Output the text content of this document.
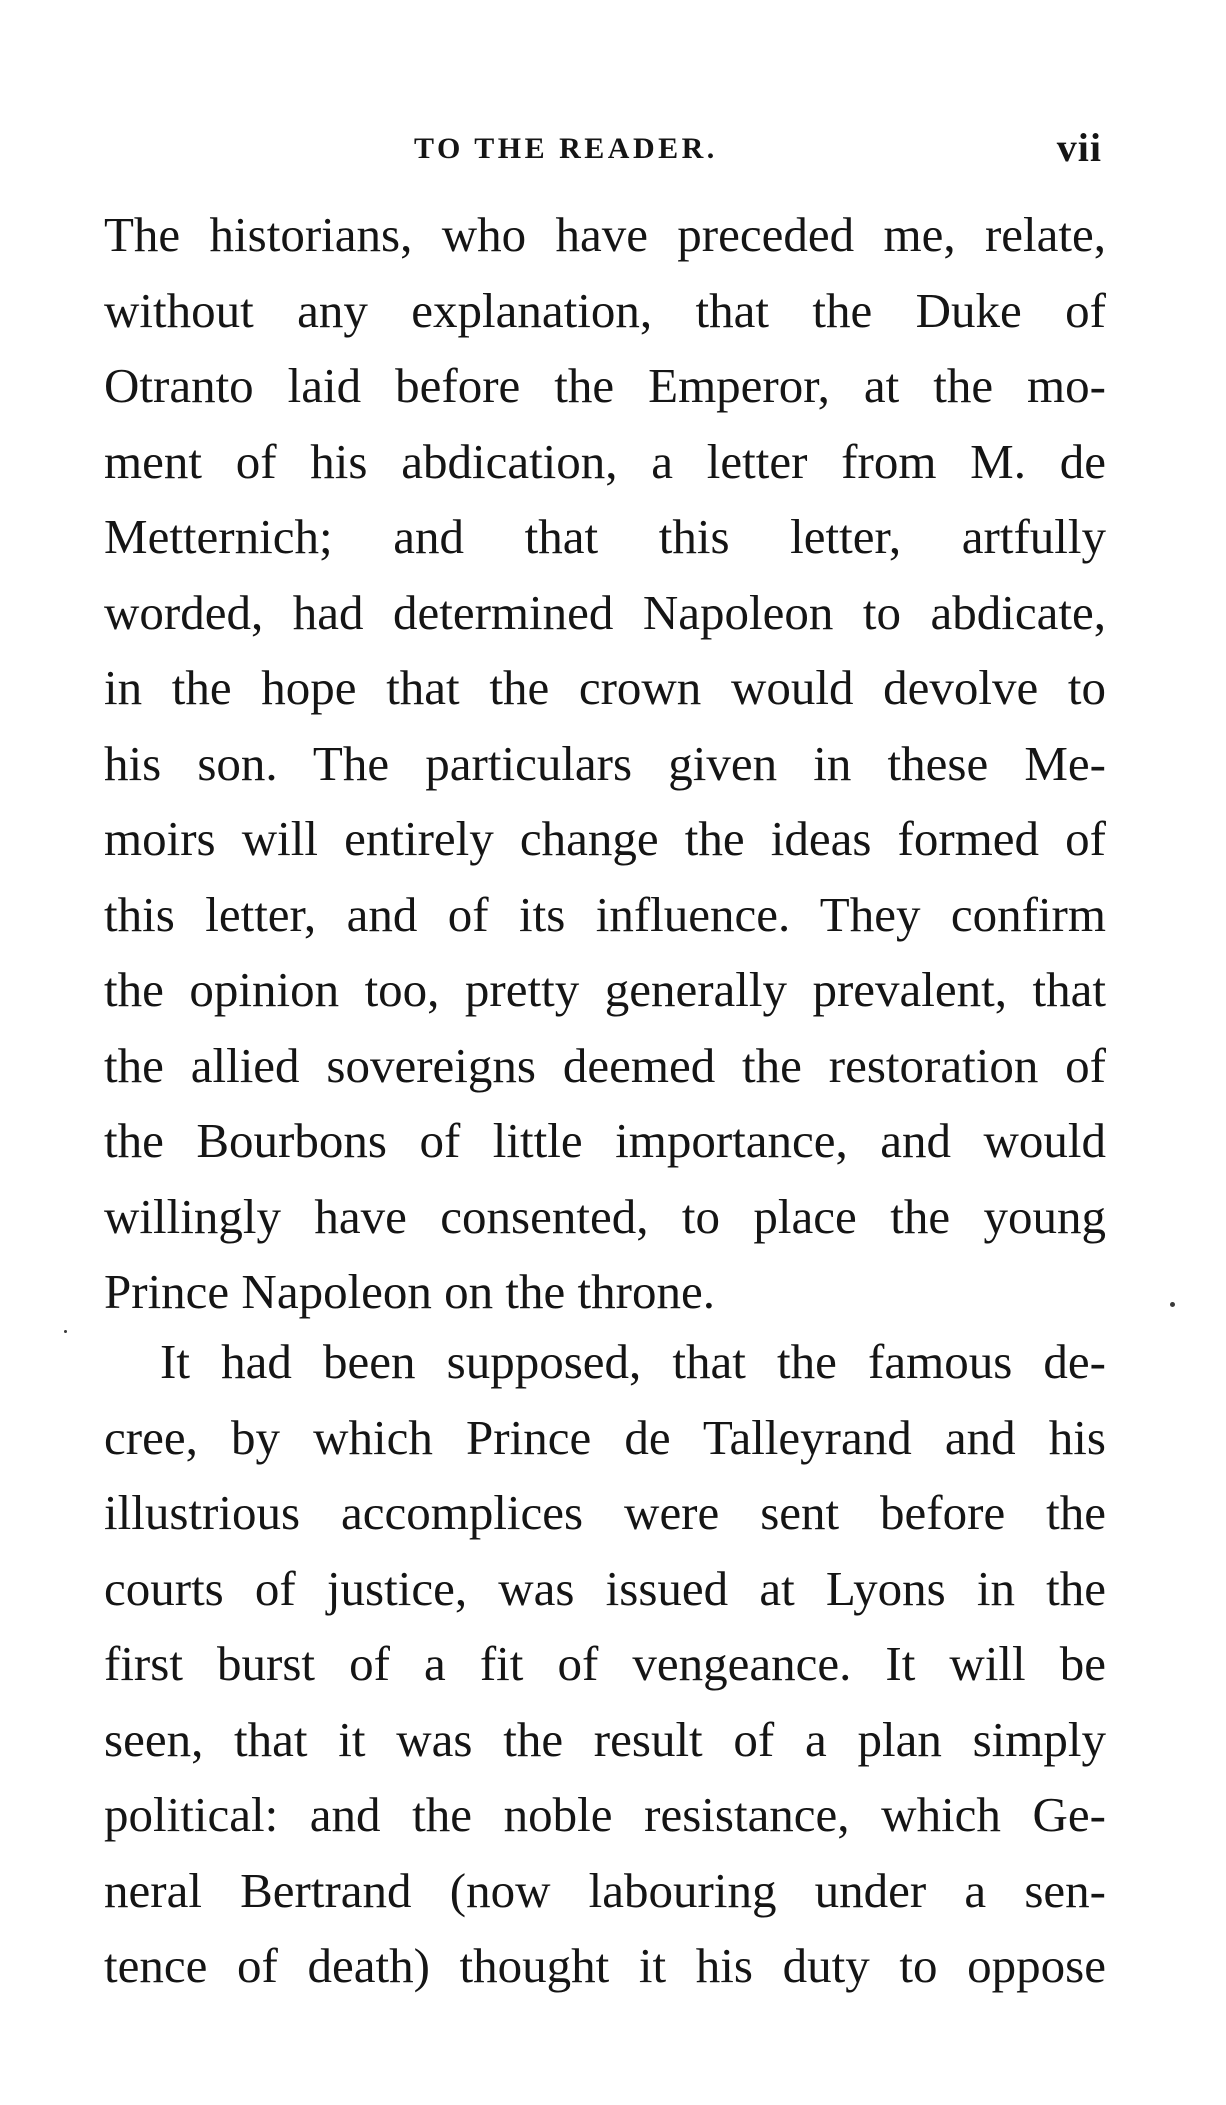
TO THE READER.	vii
The historians, who have preceded me, relate,
without any explanation, that the Duke of
Otranto laid before the Emperor, at the mo-
ment of his abdication, a letter from M. de
Metternich; and that this letter, artfully
worded, had determined Napoleon to abdicate,
in the hope that the crown would devolve to
his son. The particulars given in these Me-
moirs will entirely change the ideas formed of
this letter, and of its influence. They confirm
the opinion too, pretty generally prevalent, that
the allied sovereigns deemed the restoration of
the Bourbons of little importance, and would
willingly have consented, to place the young
Prince Napoleon on the throne.
It had been supposed, that the famous de-
cree, by which Prince de Talleyrand and his
illustrious accomplices were sent before the
courts of justice, was issued at Lyons in the
first burst of a fit of vengeance. It will be
seen, that it was the result of a plan simply
political: and the noble resistance, which Ge-
neral Bertrand (now labouring under a sen-
tence of death) thought it his duty to oppose
